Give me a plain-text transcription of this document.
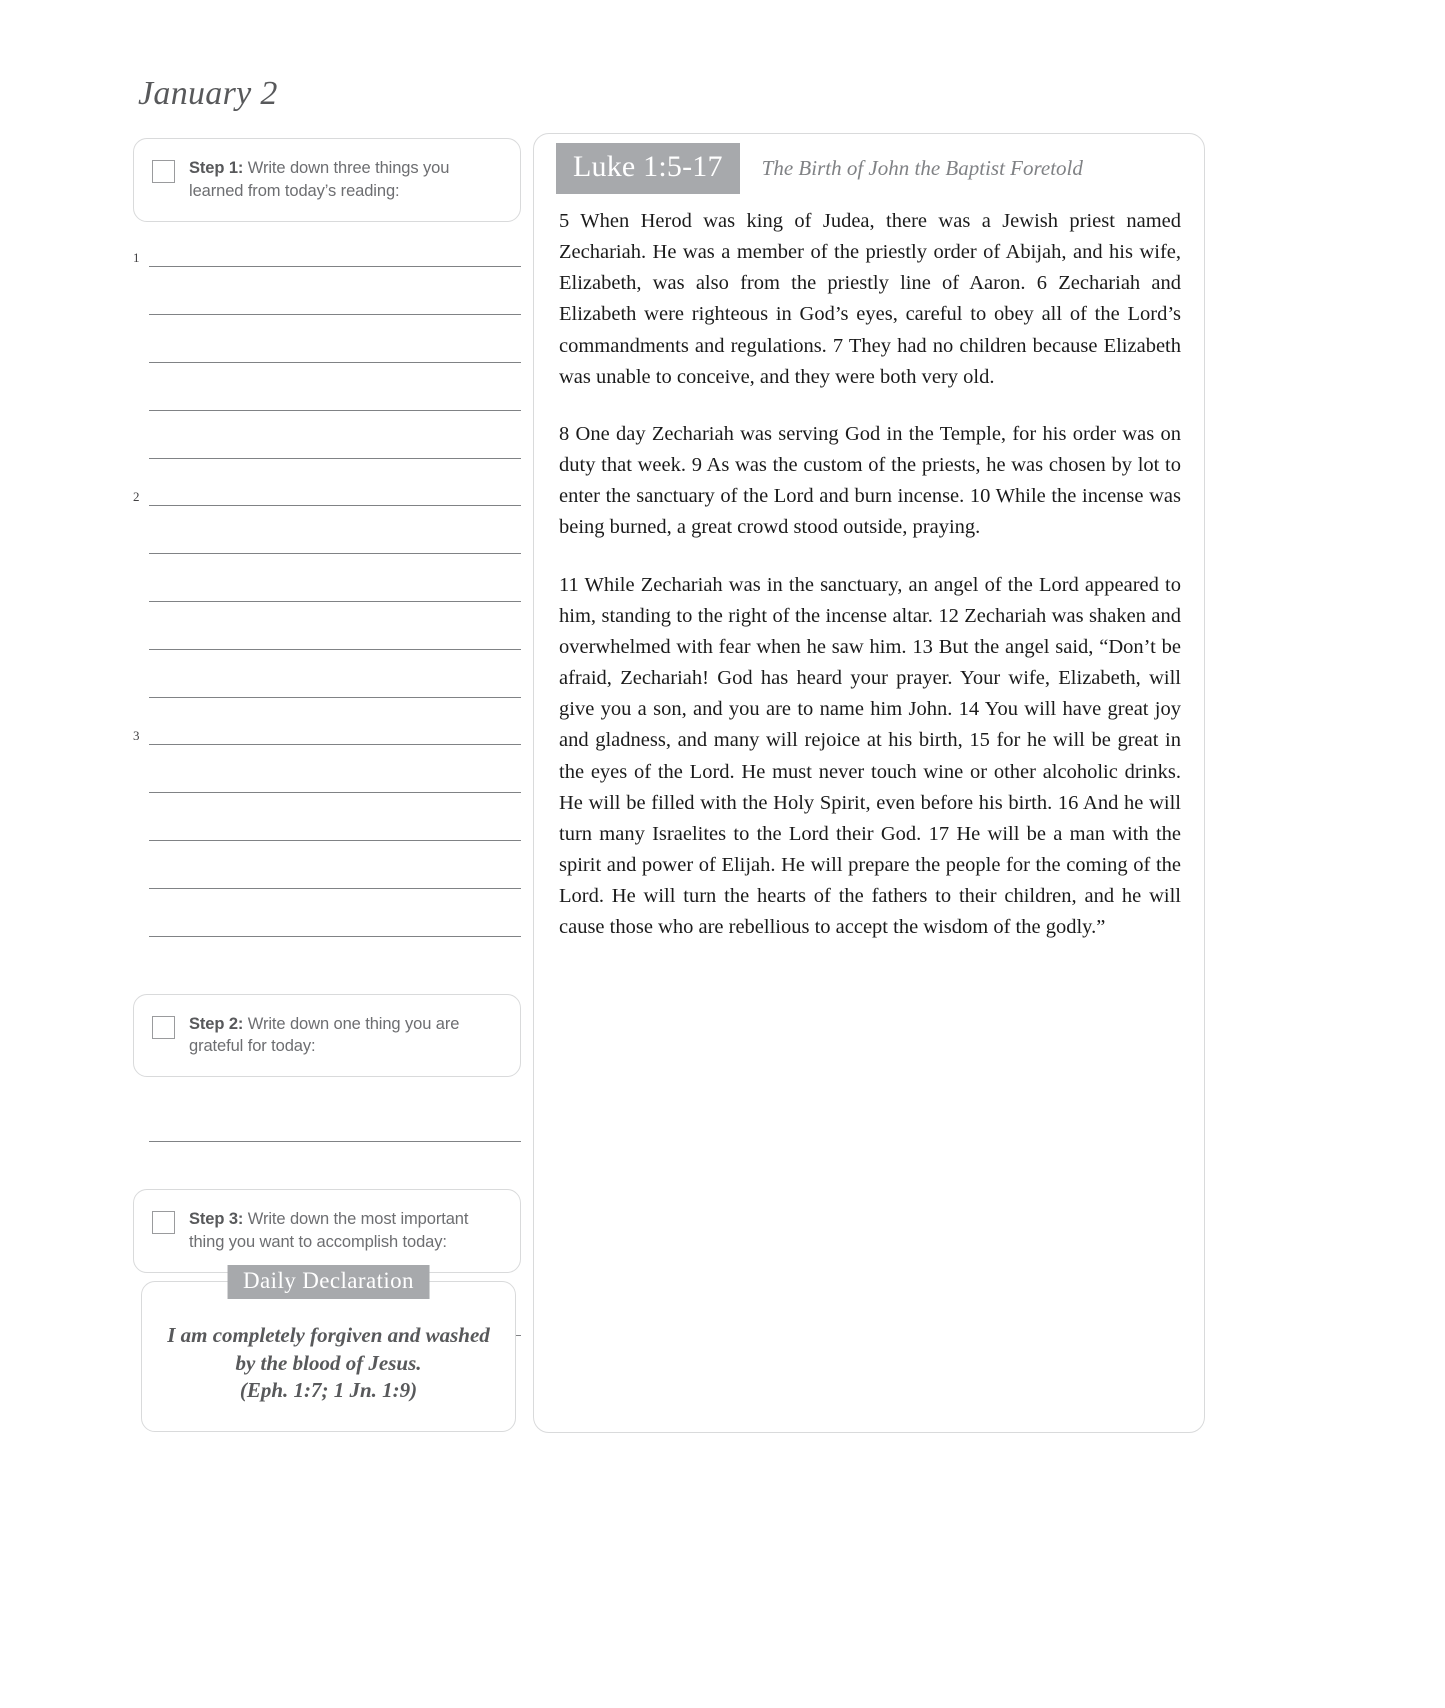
January 2
Step 1: Write down three things you learned from today’s reading:
1
2
3
Step 2: Write down one thing you are grateful for today:
Step 3: Write down the most important thing you want to accomplish today:
Daily Declaration
I am completely forgiven and washed by the blood of Jesus.
(Eph. 1:7; 1 Jn. 1:9)
Luke 1:5-17	The Birth of John the Baptist Foretold

5 When Herod was king of Judea, there was a Jewish priest named Zechariah. He was a member of the priestly order of Abijah, and his wife, Elizabeth, was also from the priestly line of Aaron. 6 Zechariah and Elizabeth were righteous in God’s eyes, careful to obey all of the Lord’s commandments and regulations. 7 They had no children because Elizabeth was unable to conceive, and they were both very old.

8 One day Zechariah was serving God in the Temple, for his order was on duty that week. 9 As was the custom of the priests, he was chosen by lot to enter the sanctuary of the Lord and burn incense. 10 While the incense was being burned, a great crowd stood outside, praying.

11 While Zechariah was in the sanctuary, an angel of the Lord appeared to him, standing to the right of the incense altar. 12 Zechariah was shaken and overwhelmed with fear when he saw him. 13 But the angel said, “Don’t be afraid, Zechariah! God has heard your prayer. Your wife, Elizabeth, will give you a son, and you are to name him John. 14 You will have great joy and gladness, and many will rejoice at his birth, 15 for he will be great in the eyes of the Lord. He must never touch wine or other alcoholic drinks. He will be filled with the Holy Spirit, even before his birth. 16 And he will turn many Israelites to the Lord their God. 17 He will be a man with the spirit and power of Elijah. He will prepare the people for the coming of the Lord. He will turn the hearts of the fathers to their children, and he will cause those who are rebellious to accept the wisdom of the godly.”
